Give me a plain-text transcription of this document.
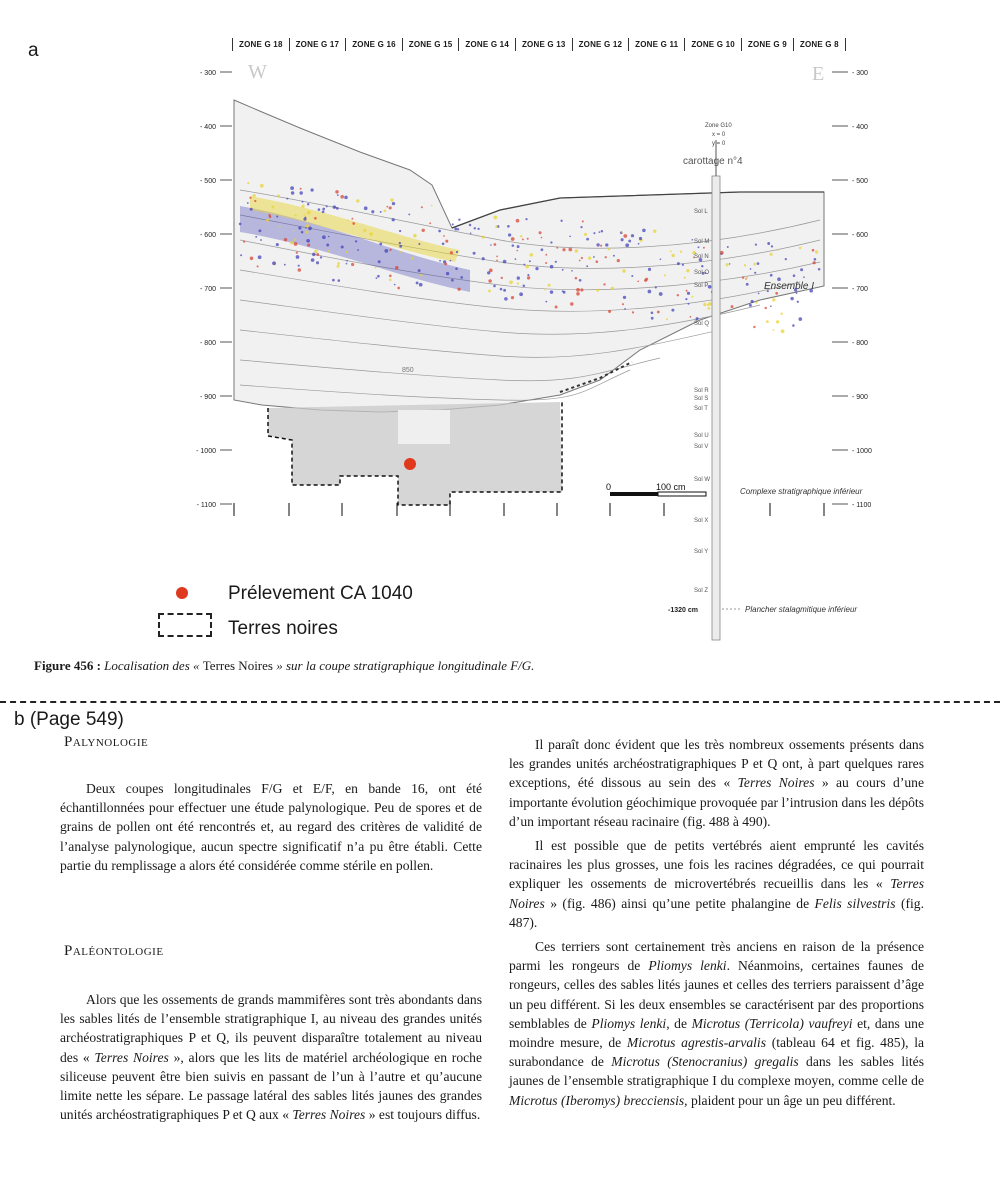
a	ZONE G 18	ZONE G 17	ZONE G 16	ZONE G 15	ZONE G 14	ZONE G 13	ZONE G 12	ZONE G 11	ZONE G 10	ZONE G 9	ZONE G 8
W	E
- 300
- 400
- 500
- 600
- 700
- 800
- 900
- 1000
- 1100
- 300
- 400
- 500
- 600
- 700
- 800
- 900
- 1000
- 1100
Sol L
Sol M
Sol N
Sol O
Sol P
Sol Q
Sol R
Sol S
Sol T
Sol U
Sol V
Sol W
Sol X
Sol Y
Sol Z
Zone G10
x = 0
y = 0
carottage n°4
Ensemble I
Complexe stratigraphique inférieur
Plancher stalagmitique inférieur
-1320 cm
850
0	100 cm
Prélevement CA 1040
Terres noires
Figure 456 : Localisation des « Terres Noires » sur la coupe stratigraphique longitudinale F/G.
b (Page 549)
Palynologie

Deux coupes longitudinales F/G et E/F, en bande 16, ont été échantillonnées pour effectuer une étude palynologique. Peu de spores et de grains de pollen ont été rencontrés et, au regard des critères de validité de l’analyse palynologique, aucun spectre significatif n’a pu être établi. Cette partie du remplissage a alors été considérée comme stérile en pollen.

Paléontologie

Alors que les ossements de grands mammifères sont très abondants dans les sables lités de l’ensemble stratigraphique I, au niveau des grandes unités archéostratigraphiques P et Q, ils peuvent disparaître totalement au niveau des « Terres Noires », alors que les lits de matériel archéologique en roche siliceuse peuvent être bien suivis en passant de l’un à l’autre et qu’aucune limite nette les sépare. Le passage latéral des sables lités jaunes des grandes unités archéostratigraphiques P et Q aux « Terres Noires » est toujours diffus.

Il paraît donc évident que les très nombreux ossements présents dans les grandes unités archéostratigraphiques P et Q ont, à part quelques rares exceptions, été dissous au sein des « Terres Noires » au cours d’une importante évolution géochimique provoquée par l’intrusion dans les dépôts d’un important réseau racinaire (fig. 488 à 490).

Il est possible que de petits vertébrés aient emprunté les cavités racinaires les plus grosses, une fois les racines dégradées, ce qui pourrait expliquer les ossements de microvertébrés recueillis dans les « Terres Noires » (fig. 486) ainsi qu’une petite phalangine de Felis silvestris (fig. 487).

Ces terriers sont certainement très anciens en raison de la présence parmi les rongeurs de Pliomys lenki. Néanmoins, certaines faunes de rongeurs, celles des sables lités jaunes et celles des terriers paraissent d’âge un peu différent. Si les deux ensembles se caractérisent par des proportions semblables de Pliomys lenki, de Microtus (Terricola) vaufreyi et, dans une moindre mesure, de Microtus agrestis-arvalis (tableau 64 et fig. 485), la surabondance de Microtus (Stenocranius) gregalis dans les sables lités jaunes de l’ensemble stratigraphique I du complexe moyen, comme celle de Microtus (Iberomys) brecciensis, plaident pour un âge un peu différent.
